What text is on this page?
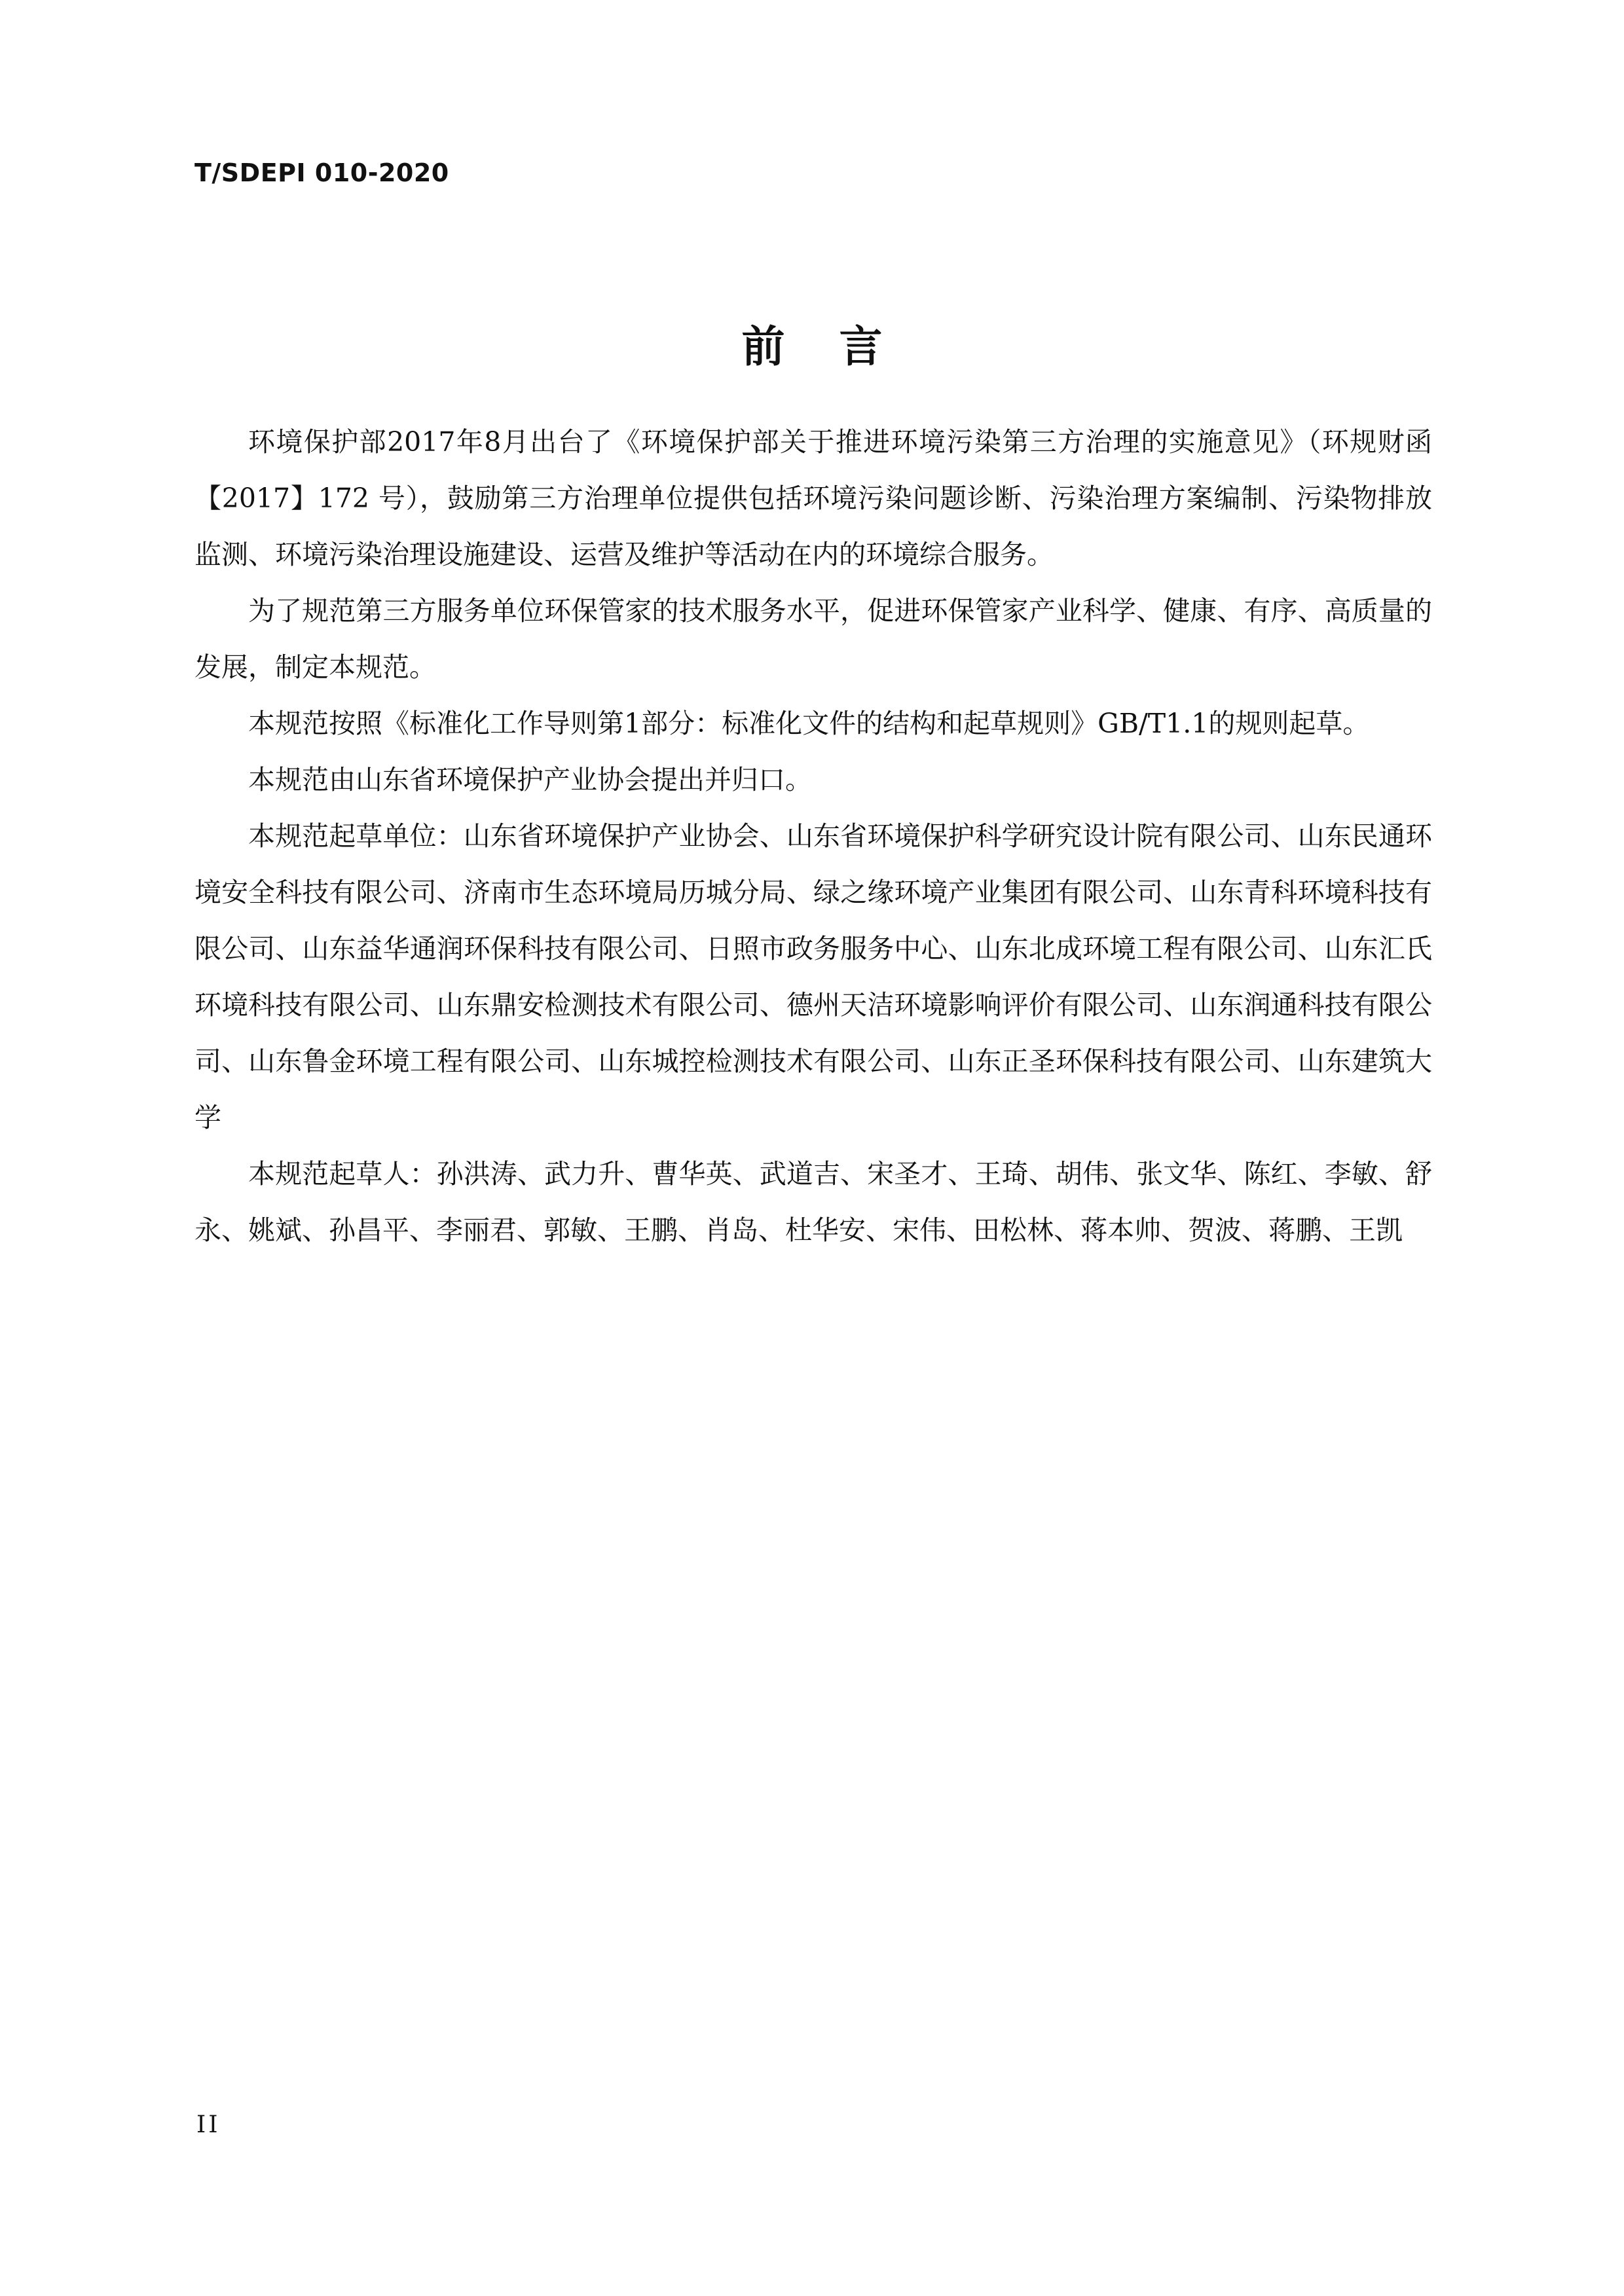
T/SDEPI 010-2020
前 言

环境保护部2017年8月出台了《环境保护部关于推进环境污染第三方治理的实施意见》（环规财函【2017】172 号），鼓励第三方治理单位提供包括环境污染问题诊断、污染治理方案编制、污染物排放监测、环境污染治理设施建设、运营及维护等活动在内的环境综合服务。

为了规范第三方服务单位环保管家的技术服务水平，促进环保管家产业科学、健康、有序、高质量的发展，制定本规范。

本规范按照《标准化工作导则第1部分：标准化文件的结构和起草规则》GB/T1.1的规则起草。

本规范由山东省环境保护产业协会提出并归口。

本规范起草单位：山东省环境保护产业协会、山东省环境保护科学研究设计院有限公司、山东民通环境安全科技有限公司、济南市生态环境局历城分局、绿之缘环境产业集团有限公司、山东青科环境科技有限公司、山东益华通润环保科技有限公司、日照市政务服务中心、山东北成环境工程有限公司、山东汇氏环境科技有限公司、山东鼎安检测技术有限公司、德州天洁环境影响评价有限公司、山东润通科技有限公司、山东鲁金环境工程有限公司、山东城控检测技术有限公司、山东正圣环保科技有限公司、山东建筑大学

本规范起草人：孙洪涛、武力升、曹华英、武道吉、宋圣才、王琦、胡伟、张文华、陈红、李敏、舒永、姚斌、孙昌平、李丽君、郭敏、王鹏、肖岛、杜华安、宋伟、田松林、蒋本帅、贺波、蒋鹏、王凯

II
